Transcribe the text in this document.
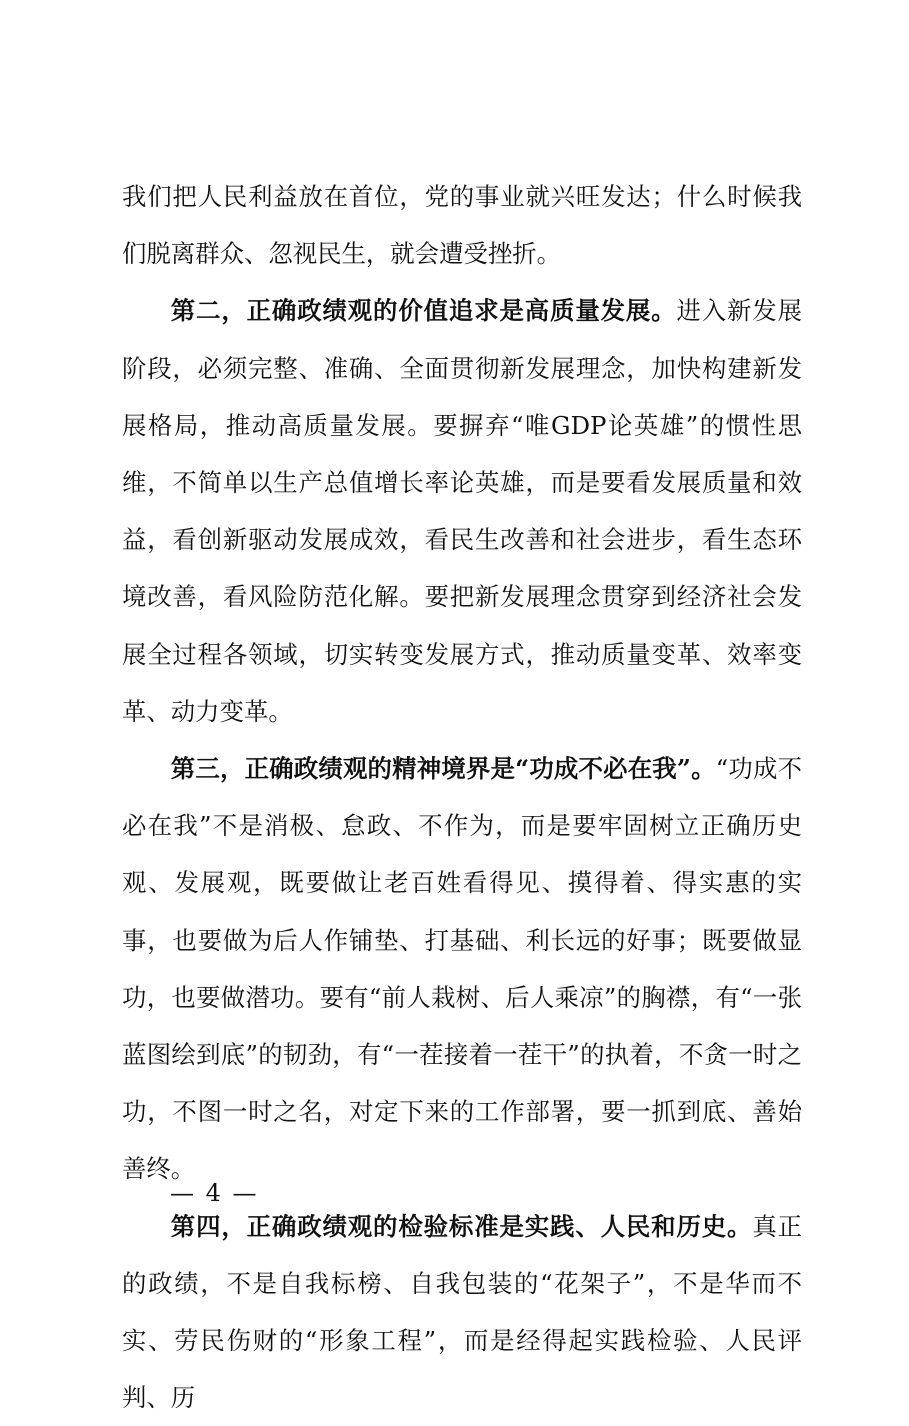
我们把人民利益放在首位，党的事业就兴旺发达；什么时候我们脱离群众、忽视民生，就会遭受挫折。

第二，正确政绩观的价值追求是高质量发展。进入新发展阶段，必须完整、准确、全面贯彻新发展理念，加快构建新发展格局，推动高质量发展。要摒弃“唯GDP论英雄”的惯性思维，不简单以生产总值增长率论英雄，而是要看发展质量和效益，看创新驱动发展成效，看民生改善和社会进步，看生态环境改善，看风险防范化解。要把新发展理念贯穿到经济社会发展全过程各领域，切实转变发展方式，推动质量变革、效率变革、动力变革。

第三，正确政绩观的精神境界是“功成不必在我”。“功成不必在我”不是消极、怠政、不作为，而是要牢固树立正确历史观、发展观，既要做让老百姓看得见、摸得着、得实惠的实事，也要做为后人作铺垫、打基础、利长远的好事；既要做显功，也要做潜功。要有“前人栽树、后人乘凉”的胸襟，有“一张蓝图绘到底”的韧劲，有“一茬接着一茬干”的执着，不贪一时之功，不图一时之名，对定下来的工作部署，要一抓到底、善始善终。

第四，正确政绩观的检验标准是实践、人民和历史。真正的政绩，不是自我标榜、自我包装的“花架子”，不是华而不实、劳民伤财的“形象工程”，而是经得起实践检验、人民评判、历

— 4 —
